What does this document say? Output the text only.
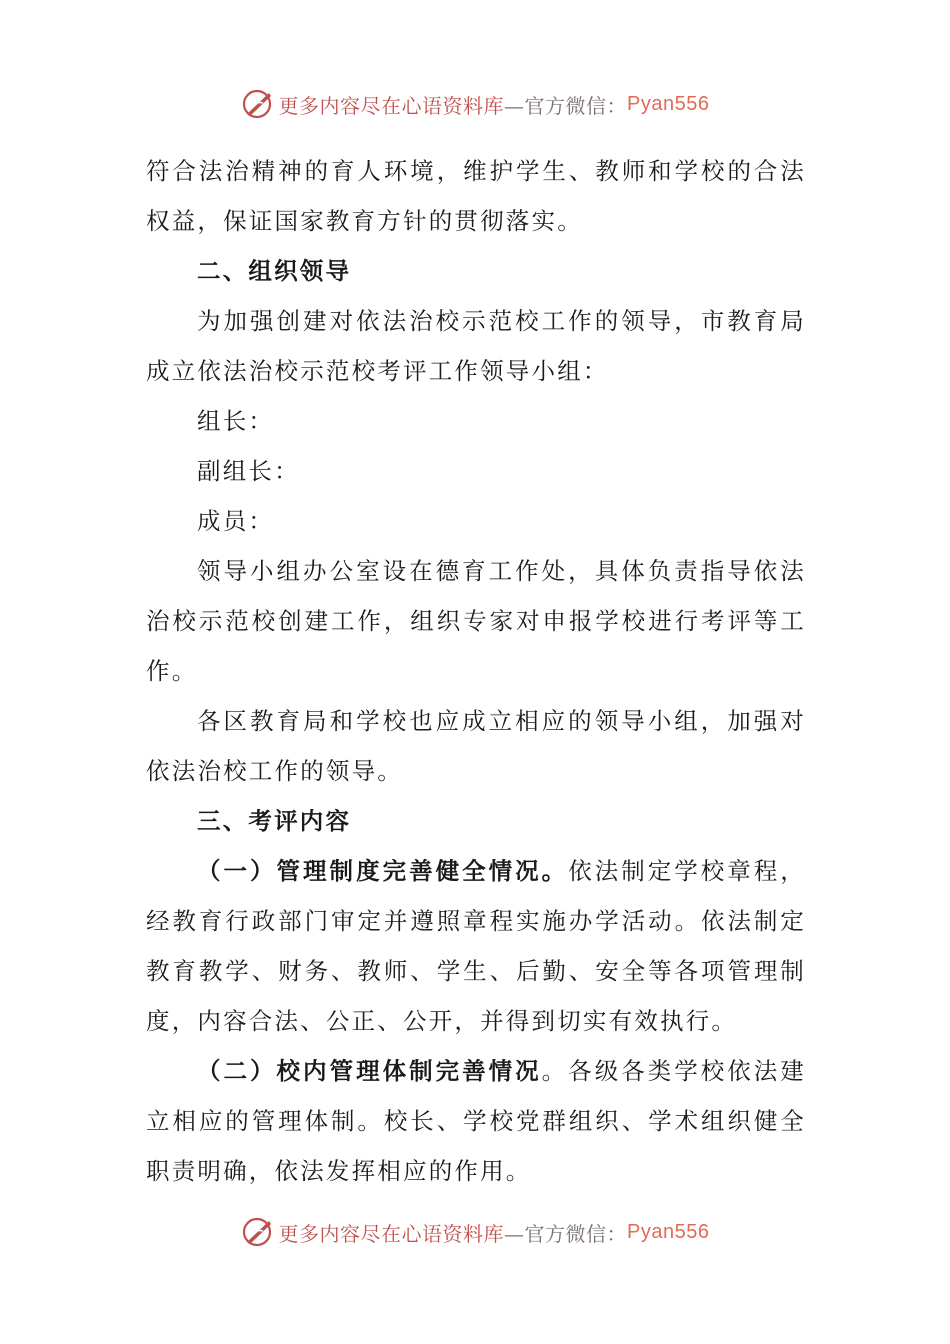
更多内容尽在心语资料库 —官方微信： Pyan556

符合法治精神的育人环境，维护学生、教师和学校的合法权益，保证国家教育方针的贯彻落实。

二、组织领导

为加强创建对依法治校示范校工作的领导，市教育局成立依法治校示范校考评工作领导小组：

组长：

副组长：

成员：

领导小组办公室设在德育工作处，具体负责指导依法治校示范校创建工作，组织专家对申报学校进行考评等工作。

各区教育局和学校也应成立相应的领导小组，加强对依法治校工作的领导。

三、考评内容

（一）管理制度完善健全情况。依法制定学校章程，经教育行政部门审定并遵照章程实施办学活动。依法制定教育教学、财务、教师、学生、后勤、安全等各项管理制度，内容合法、公正、公开，并得到切实有效执行。

（二）校内管理体制完善情况。各级各类学校依法建立相应的管理体制。校长、学校党群组织、学术组织健全职责明确，依法发挥相应的作用。

更多内容尽在心语资料库 —官方微信： Pyan556
